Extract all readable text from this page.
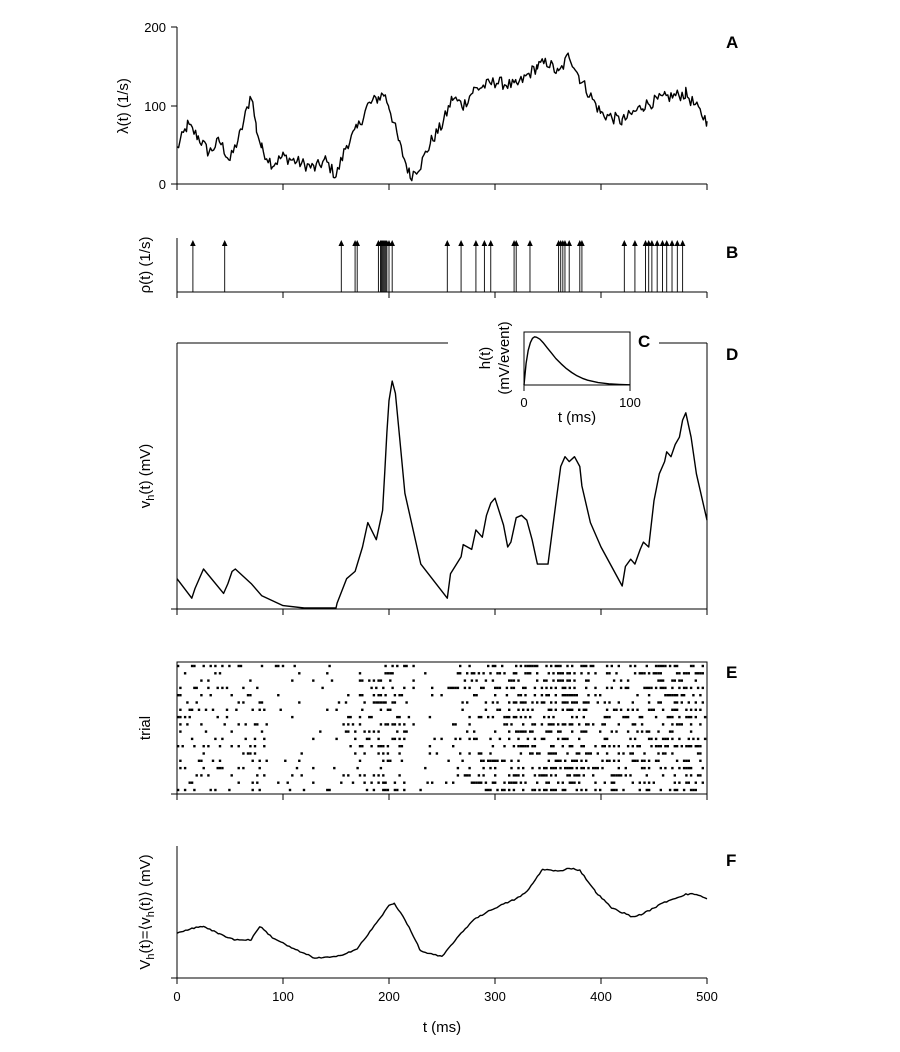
200
100
0
λ(t) (1/s)
A
ρ(t) (1/s)	B
$v_h(t)$ (mV)
D
0	100
t (ms)
h(t) (mV/event)	C
trial
E
0	100	200	300	400	500
$V_h(t)=⟨v_h(t)⟩$ (mV)
t (ms)
F
